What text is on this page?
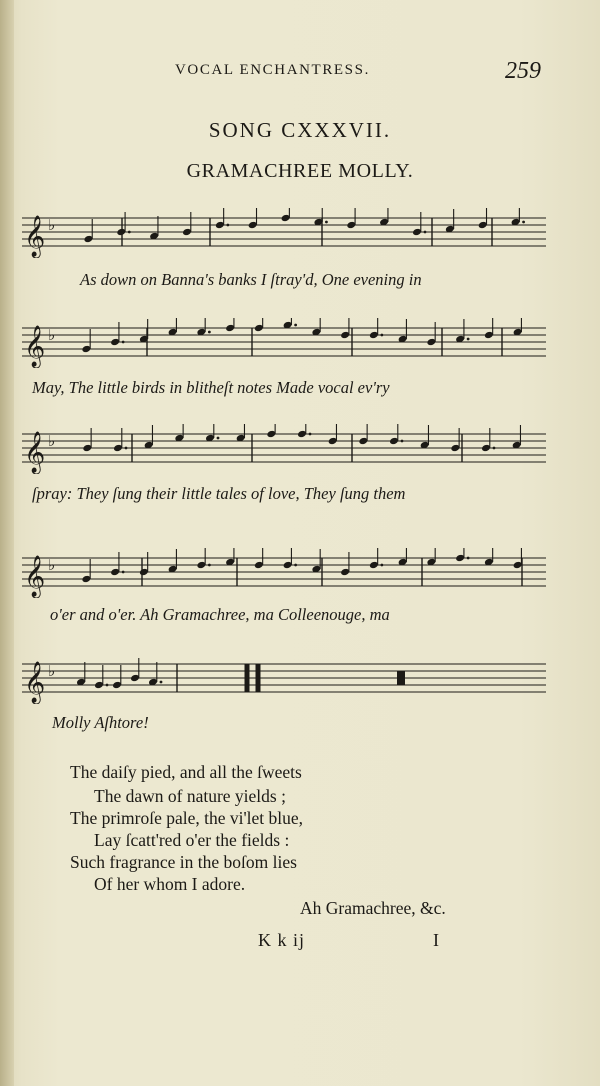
VOCAL ENCHANTRESS.	259
SONG CXXXVII.
GRAMACHREE MOLLY.
𝄞 ♭
𝄞 ♭
𝄞 ♭
𝄞 ♭
𝄞 ♭
As down on Banna's banks I ſtray'd, One evening in
May, The little birds in blitheſt notes Made vocal ev'ry
ſpray: They ſung their little tales of love, They ſung them
o'er and o'er. Ah Gramachree, ma Colleenouge, ma
Molly Aſhtore!
The daiſy pied, and all the ſweets
The dawn of nature yields ;
The primroſe pale, the vi'let blue,
Lay ſcatt'red o'er the fields :
Such fragrance in the boſom lies
Of her whom I adore.
Ah Gramachree, &c.
K k ij	I
